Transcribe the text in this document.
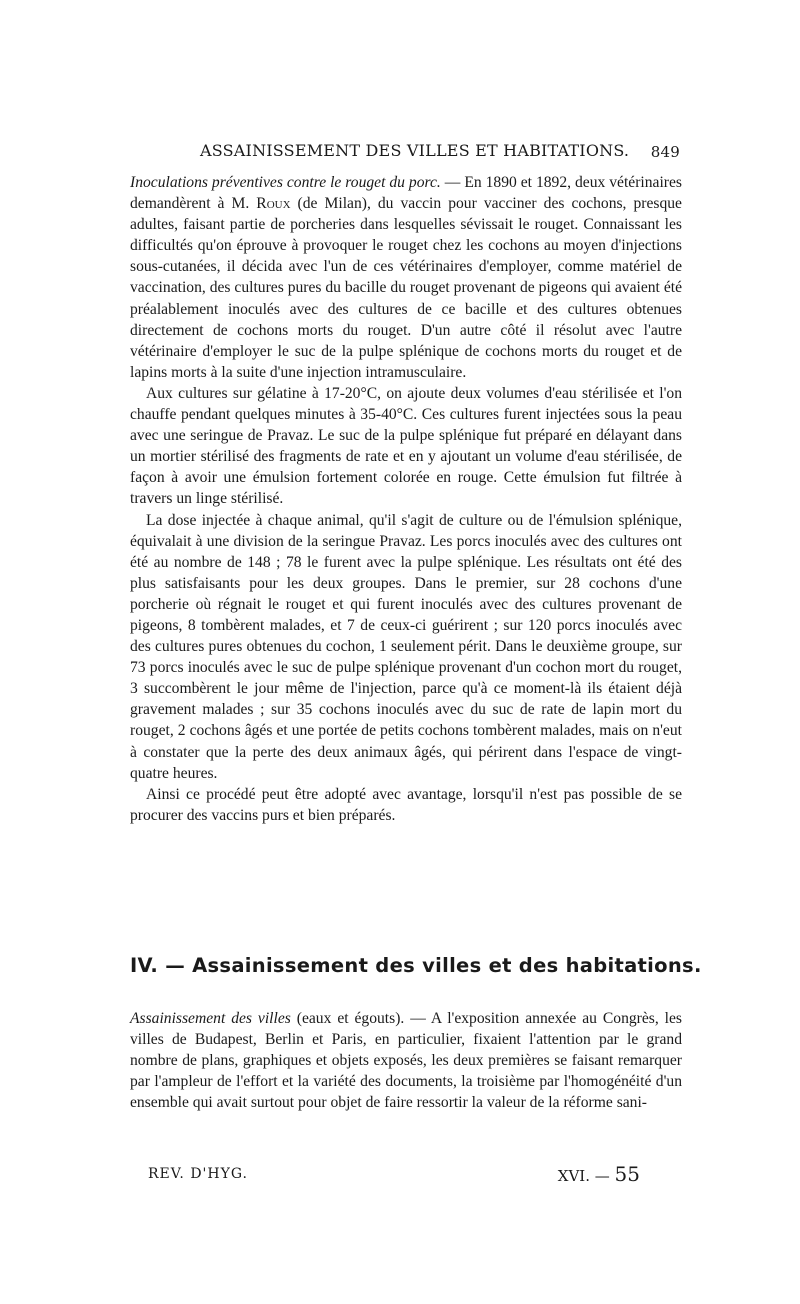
ASSAINISSEMENT DES VILLES ET HABITATIONS. 849

Inoculations préventives contre le rouget du porc. — En 1890 et 1892, deux vétérinaires demandèrent à M. Roux (de Milan), du vaccin pour vacciner des cochons, presque adultes, faisant partie de porcheries dans lesquelles sévissait le rouget. Connaissant les difficultés qu'on éprouve à provoquer le rouget chez les cochons au moyen d'injections sous-cutanées, il décida avec l'un de ces vétérinaires d'employer, comme matériel de vaccination, des cultures pures du bacille du rouget provenant de pigeons qui avaient été préalablement inoculés avec des cultures de ce bacille et des cultures obtenues directement de cochons morts du rouget. D'un autre côté il résolut avec l'autre vétérinaire d'employer le suc de la pulpe splénique de cochons morts du rouget et de lapins morts à la suite d'une injection intramusculaire.

Aux cultures sur gélatine à 17-20°C, on ajoute deux volumes d'eau stérilisée et l'on chauffe pendant quelques minutes à 35-40°C. Ces cultures furent injectées sous la peau avec une seringue de Pravaz. Le suc de la pulpe splénique fut préparé en délayant dans un mortier stérilisé des fragments de rate et en y ajoutant un volume d'eau stérilisée, de façon à avoir une émulsion fortement colorée en rouge. Cette émulsion fut filtrée à travers un linge stérilisé.

La dose injectée à chaque animal, qu'il s'agit de culture ou de l'émulsion splénique, équivalait à une division de la seringue Pravaz. Les porcs inoculés avec des cultures ont été au nombre de 148 ; 78 le furent avec la pulpe splénique. Les résultats ont été des plus satisfaisants pour les deux groupes. Dans le premier, sur 28 cochons d'une porcherie où régnait le rouget et qui furent inoculés avec des cultures provenant de pigeons, 8 tombèrent malades, et 7 de ceux-ci guérirent ; sur 120 porcs inoculés avec des cultures pures obtenues du cochon, 1 seulement périt. Dans le deuxième groupe, sur 73 porcs inoculés avec le suc de pulpe splénique provenant d'un cochon mort du rouget, 3 succombèrent le jour même de l'injection, parce qu'à ce moment-là ils étaient déjà gravement malades ; sur 35 cochons inoculés avec du suc de rate de lapin mort du rouget, 2 cochons âgés et une portée de petits cochons tombèrent malades, mais on n'eut à constater que la perte des deux animaux âgés, qui périrent dans l'espace de vingt-quatre heures.

Ainsi ce procédé peut être adopté avec avantage, lorsqu'il n'est pas possible de se procurer des vaccins purs et bien préparés.

IV. — Assainissement des villes et des habitations.

Assainissement des villes (eaux et égouts). — A l'exposition annexée au Congrès, les villes de Budapest, Berlin et Paris, en particulier, fixaient l'attention par le grand nombre de plans, graphiques et objets exposés, les deux premières se faisant remarquer par l'ampleur de l'effort et la variété des documents, la troisième par l'homogénéité d'un ensemble qui avait surtout pour objet de faire ressortir la valeur de la réforme sani-

REV. D'HYG.	XVI. — 55
